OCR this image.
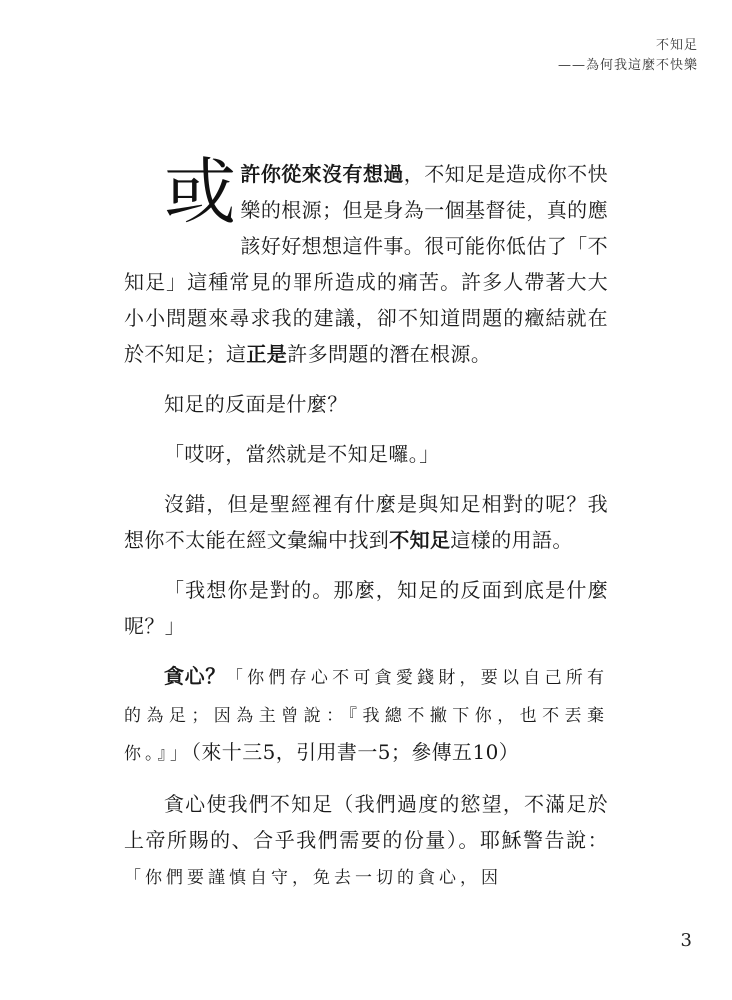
不知足
——為何我這麼不快樂

或許你從來沒有想過，不知足是造成你不快樂的根源；但是身為一個基督徒，真的應該好好想想這件事。很可能你低估了「不知足」這種常見的罪所造成的痛苦。許多人帶著大大小小問題來尋求我的建議，卻不知道問題的癥結就在於不知足；這正是許多問題的潛在根源。

知足的反面是什麼？

「哎呀，當然就是不知足囉。」

沒錯，但是聖經裡有什麼是與知足相對的呢？我想你不太能在經文彙編中找到不知足這樣的用語。

「我想你是對的。那麼，知足的反面到底是什麼呢？」

貪心？「你們存心不可貪愛錢財，要以自己所有的為足；因為主曾說：『我總不撇下你，也不丟棄你。』」（來十三5，引用書一5；參傳五10）

貪心使我們不知足（我們過度的慾望，不滿足於上帝所賜的、合乎我們需要的份量）。耶穌警告說：「你們要謹慎自守，免去一切的貪心，因

3
